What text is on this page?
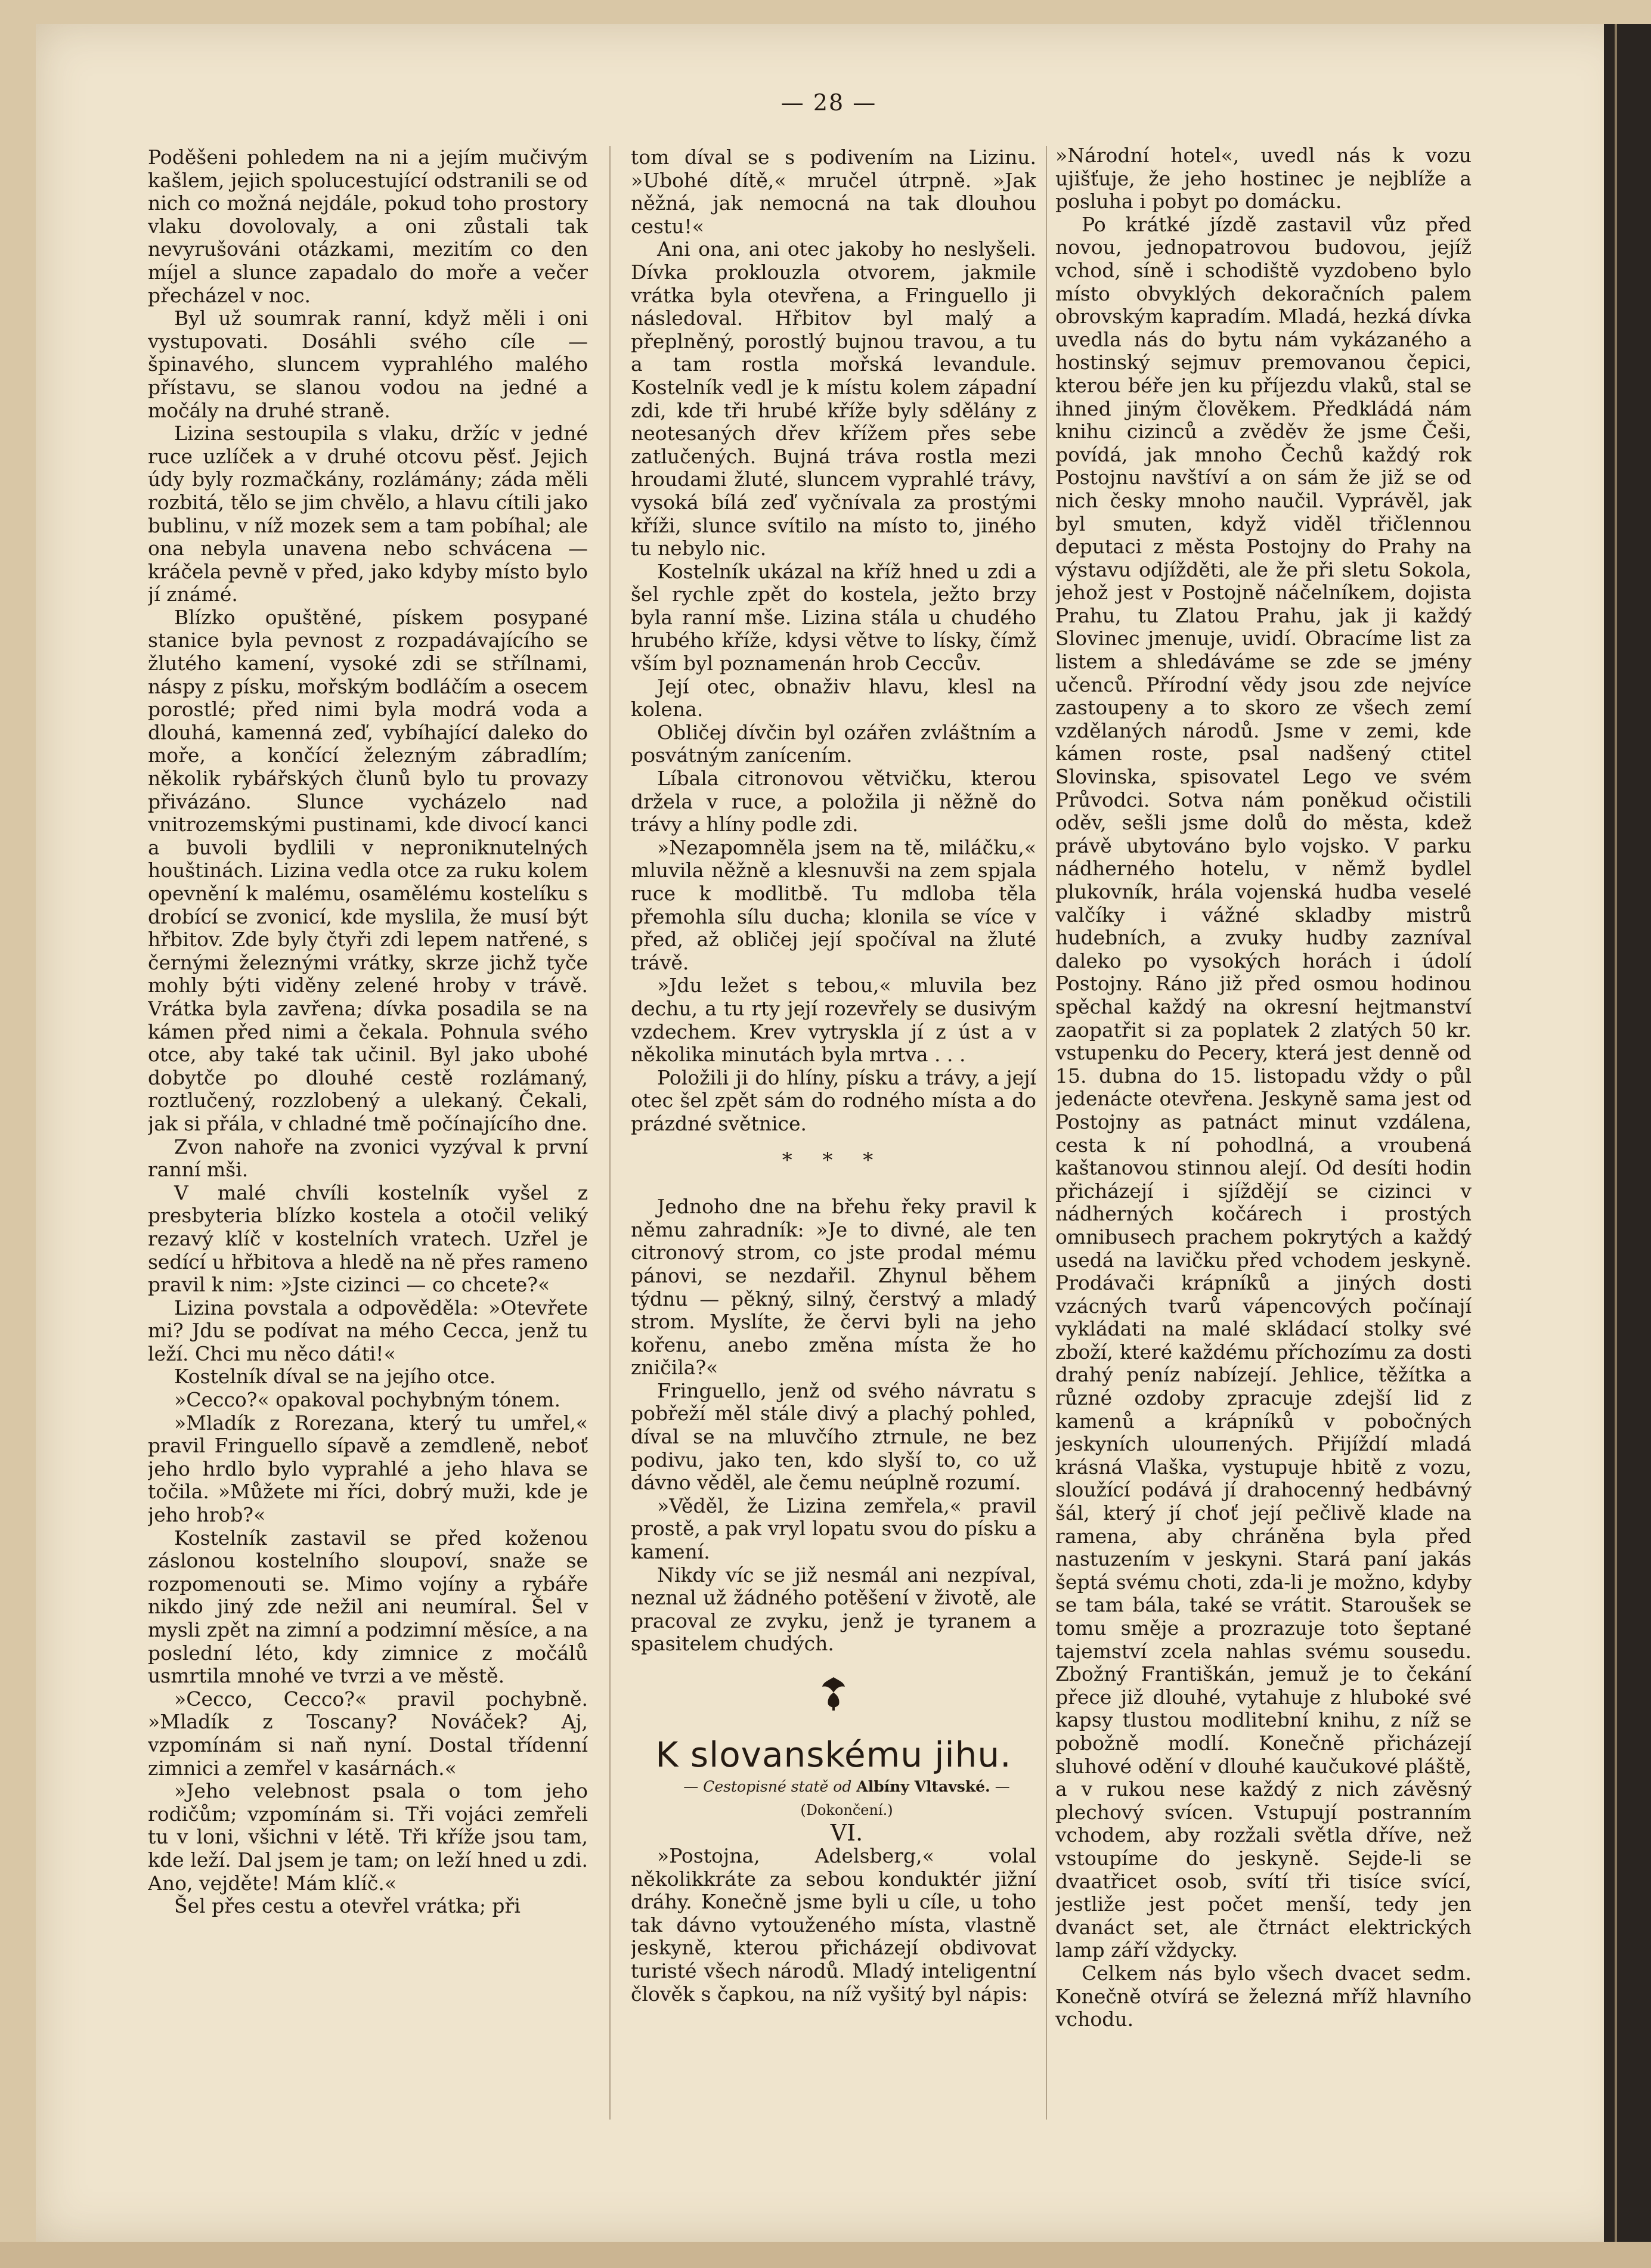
— 28 —

Poděšeni pohledem na ni a jejím mučivým kašlem, jejich spolucestující odstranili se od nich co možná nejdále, pokud toho prostory vlaku dovolovaly, a oni zůstali tak nevyrušováni otázkami, mezitím co den míjel a slunce zapadalo do moře a večer přecházel v noc.

Byl už soumrak ranní, když měli i oni vystupovati. Dosáhli svého cíle — špinavého, sluncem vyprahlého malého přístavu, se slanou vodou na jedné a močály na druhé straně.

Lizina sestoupila s vlaku, držíc v jedné ruce uzlíček a v druhé otcovu pěsť. Jejich údy byly rozmačkány, rozlámány; záda měli rozbitá, tělo se jim chvělo, a hlavu cítili jako bublinu, v níž mozek sem a tam pobíhal; ale ona nebyla unavena nebo schvácena — kráčela pevně v před, jako kdyby místo bylo jí známé.

Blízko opuštěné, pískem posypané stanice byla pevnost z rozpadávajícího se žlutého kamení, vysoké zdi se střílnami, náspy z písku, mořským bodláčím a osecem porostlé; před nimi byla modrá voda a dlouhá, kamenná zeď, vybíhající daleko do moře, a končící železným zábradlím; několik rybářských člunů bylo tu provazy přivázáno. Slunce vycházelo nad vnitrozemskými pustinami, kde divocí kanci a buvoli bydlili v neproniknutelných houštinách. Lizina vedla otce za ruku kolem opevnění k malému, osamělému kostelíku s drobící se zvonicí, kde myslila, že musí být hřbitov. Zde byly čtyři zdi lepem natřené, s černými železnými vrátky, skrze jichž tyče mohly býti viděny zelené hroby v trávě. Vrátka byla zavřena; dívka posadila se na kámen před nimi a čekala. Pohnula svého otce, aby také tak učinil. Byl jako ubohé dobytče po dlouhé cestě rozlámaný, roztlučený, rozzlobený a ulekaný. Čekali, jak si přála, v chladné tmě počínajícího dne.

Zvon nahoře na zvonici vyzýval k první ranní mši.

V malé chvíli kostelník vyšel z presbyteria blízko kostela a otočil veliký rezavý klíč v kostelních vratech. Uzřel je sedící u hřbitova a hledě na ně přes rameno pravil k nim: »Jste cizinci — co chcete?«

Lizina povstala a odpověděla: »Otevřete mi? Jdu se podívat na mého Cecca, jenž tu leží. Chci mu něco dáti!«

Kostelník díval se na jejího otce.

»Cecco?« opakoval pochybným tónem.

»Mladík z Rorezana, který tu umřel,« pravil Fringuello sípavě a zemdleně, neboť jeho hrdlo bylo vyprahlé a jeho hlava se točila. »Můžete mi říci, dobrý muži, kde je jeho hrob?«

Kostelník zastavil se před koženou záslonou kostelního sloupoví, snaže se rozpomenouti se. Mimo vojíny a rybáře nikdo jiný zde nežil ani neumíral. Šel v mysli zpět na zimní a podzimní měsíce, a na poslední léto, kdy zimnice z močálů usmrtila mnohé ve tvrzi a ve městě.

»Cecco, Cecco?« pravil pochybně. »Mladík z Toscany? Nováček? Aj, vzpomínám si naň nyní. Dostal třídenní zimnici a zemřel v kasárnách.«

»Jeho velebnost psala o tom jeho rodičům; vzpomínám si. Tři vojáci zemřeli tu v loni, všichni v létě. Tři kříže jsou tam, kde leží. Dal jsem je tam; on leží hned u zdi. Ano, vejděte! Mám klíč.«

Šel přes cestu a otevřel vrátka; při

tom díval se s podivením na Lizinu. »Ubohé dítě,« mručel útrpně. »Jak něžná, jak nemocná na tak dlouhou cestu!«

Ani ona, ani otec jakoby ho neslyšeli. Dívka proklouzla otvorem, jakmile vrátka byla otevřena, a Fringuello ji následoval. Hřbitov byl malý a přeplněný, porostlý bujnou travou, a tu a tam rostla mořská levandule. Kostelník vedl je k místu kolem západní zdi, kde tři hrubé kříže byly sdělány z neotesaných dřev křížem přes sebe zatlučených. Bujná tráva rostla mezi hroudami žluté, sluncem vyprahlé trávy, vysoká bílá zeď vyčnívala za prostými kříži, slunce svítilo na místo to, jiného tu nebylo nic.

Kostelník ukázal na kříž hned u zdi a šel rychle zpět do kostela, ježto brzy byla ranní mše. Lizina stála u chudého hrubého kříže, kdysi větve to lísky, čímž vším byl poznamenán hrob Ceccův.

Její otec, obnaživ hlavu, klesl na kolena.

Obličej dívčin byl ozářen zvláštním a posvátným zanícením.

Líbala citronovou větvičku, kterou držela v ruce, a položila ji něžně do trávy a hlíny podle zdi.

»Nezapomněla jsem na tě, miláčku,« mluvila něžně a klesnuvši na zem spjala ruce k modlitbě. Tu mdloba těla přemohla sílu ducha; klonila se více v před, až obličej její spočíval na žluté trávě.

»Jdu ležet s tebou,« mluvila bez dechu, a tu rty její rozevřely se dusivým vzdechem. Krev vytryskla jí z úst a v několika minutách byla mrtva . . .

Položili ji do hlíny, písku a trávy, a její otec šel zpět sám do rodného místa a do prázdné světnice.

* * *

Jednoho dne na břehu řeky pravil k němu zahradník: »Je to divné, ale ten citronový strom, co jste prodal mému pánovi, se nezdařil. Zhynul během týdnu — pěkný, silný, čerstvý a mladý strom. Myslíte, že červi byli na jeho kořenu, anebo změna místa že ho zničila?«

Fringuello, jenž od svého návratu s pobřeží měl stále divý a plachý pohled, díval se na mluvčího ztrnule, ne bez podivu, jako ten, kdo slyší to, co už dávno věděl, ale čemu neúplně rozumí.

»Věděl, že Lizina zemřela,« pravil prostě, a pak vryl lopatu svou do písku a kamení.

Nikdy víc se již nesmál ani nezpíval, neznal už žádného potěšení v životě, ale pracoval ze zvyku, jenž je tyranem a spasitelem chudých.

K slovanskému jihu.

— Cestopisné statě od Albíny Vltavské. —

(Dokončení.)

VI.

»Postojna, Adelsberg,« volal několikkráte za sebou konduktér jižní dráhy. Konečně jsme byli u cíle, u toho tak dávno vytouženého místa, vlastně jeskyně, kterou přicházejí obdivovat turisté všech národů. Mladý inteligentní člověk s čapkou, na níž vyšitý byl nápis:

»Národní hotel«, uvedl nás k vozu ujišťuje, že jeho hostinec je nejblíže a posluha i pobyt po domácku.

Po krátké jízdě zastavil vůz před novou, jednopatrovou budovou, jejíž vchod, síně i schodiště vyzdobeno bylo místo obvyklých dekoračních palem obrovským kapradím. Mladá, hezká dívka uvedla nás do bytu nám vykázaného a hostinský sejmuv premovanou čepici, kterou béře jen ku příjezdu vlaků, stal se ihned jiným člověkem. Předkládá nám knihu cizinců a zvěděv že jsme Češi, povídá, jak mnoho Čechů každý rok Postojnu navštíví a on sám že již se od nich česky mnoho naučil. Vyprávěl, jak byl smuten, když viděl třičlennou deputaci z města Postojny do Prahy na výstavu odjížděti, ale že při sletu Sokola, jehož jest v Postojně náčelníkem, dojista Prahu, tu Zlatou Prahu, jak ji každý Slovinec jmenuje, uvidí. Obracíme list za listem a shledáváme se zde se jmény učenců. Přírodní vědy jsou zde nejvíce zastoupeny a to skoro ze všech zemí vzdělaných národů. Jsme v zemi, kde kámen roste, psal nadšený ctitel Slovinska, spisovatel Lego ve svém Průvodci. Sotva nám poněkud očistili oděv, sešli jsme dolů do města, kdež právě ubytováno bylo vojsko. V parku nádherného hotelu, v němž bydlel plukovník, hrála vojenská hudba veselé valčíky i vážné skladby mistrů hudebních, a zvuky hudby zazníval daleko po vysokých horách i údolí Postojny. Ráno již před osmou hodinou spěchal každý na okresní hejtmanství zaopatřit si za poplatek 2 zlatých 50 kr. vstupenku do Pecery, která jest denně od 15. dubna do 15. listopadu vždy o půl jedenácte otevřena. Jeskyně sama jest od Postojny as patnáct minut vzdálena, cesta k ní pohodlná, a vroubená kaštanovou stinnou alejí. Od desíti hodin přicházejí i sjíždějí se cizinci v nádherných kočárech i prostých omnibusech prachem pokrytých a každý usedá na lavičku před vchodem jeskyně. Prodávači krápníků a jiných dosti vzácných tvarů vápencových počínají vykládati na malé skládací stolky své zboží, které každému příchozímu za dosti drahý peníz nabízejí. Jehlice, těžítka a různé ozdoby zpracuje zdejší lid z kamenů a krápníků v pobočných jeskyních ulouпených. Přijíždí mladá krásná Vlaška, vystupuje hbitě z vozu, sloužící podává jí drahocenný hedbávný šál, který jí choť její pečlivě klade na ramena, aby chráněna byla před nastuzením v jeskyni. Stará paní jakás šeptá svému choti, zda-li je možno, kdyby se tam bála, také se vrátit. Staroušek se tomu směje a prozrazuje toto šeptané tajemství zcela nahlas svému sousedu. Zbožný Františkán, jemuž je to čekání přece již dlouhé, vytahuje z hluboké své kapsy tlustou modlitební knihu, z níž se pobožně modlí. Konečně přicházejí sluhové odění v dlouhé kaučukové pláště, a v rukou nese každý z nich závěsný plechový svícen. Vstupují postranním vchodem, aby rozžali světla dříve, než vstoupíme do jeskyně. Sejde-li se dvaatřicet osob, svítí tři tisíce svící, jestliže jest počet menší, tedy jen dvanáct set, ale čtrnáct elektrických lamp září vždycky.

Celkem nás bylo všech dvacet sedm. Konečně otvírá se železná mříž hlavního vchodu.
